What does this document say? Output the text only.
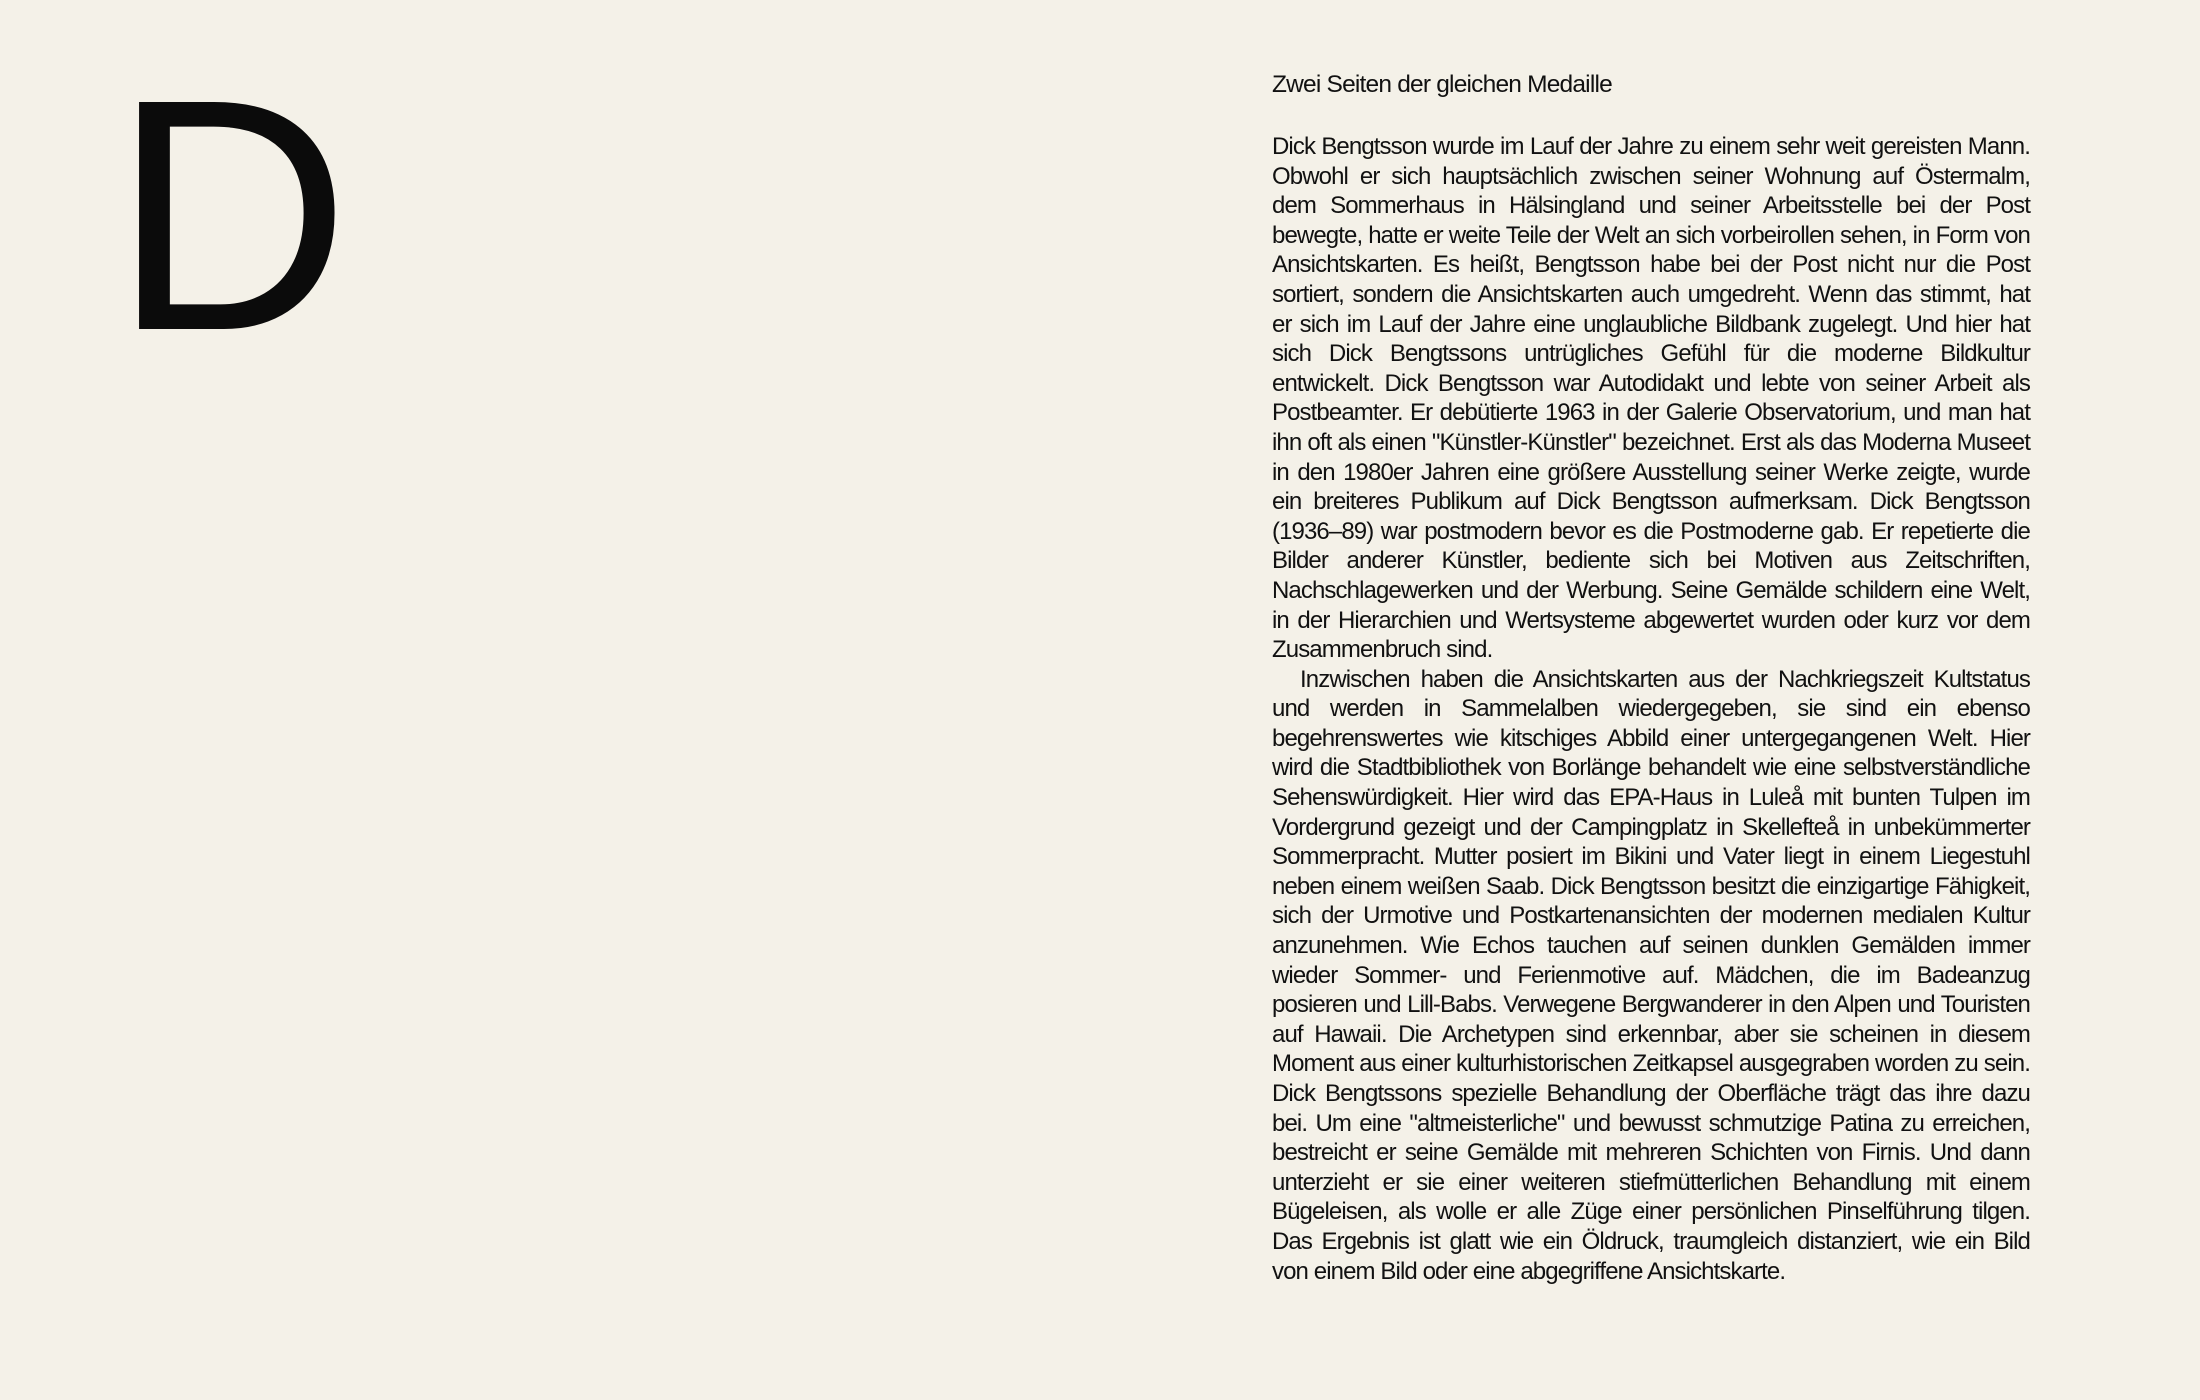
D	Zwei Seiten der gleichen Medaille

Dick Bengtsson wurde im Lauf der Jahre zu einem sehr weit gereisten Mann. Obwohl er sich hauptsächlich zwischen seiner Wohnung auf Östermalm, dem Sommerhaus in Hälsingland und seiner Arbeitsstelle bei der Post bewegte, hatte er weite Teile der Welt an sich vorbeirollen sehen, in Form von Ansichtskarten. Es heißt, Bengtsson habe bei der Post nicht nur die Post sortiert, sondern die Ansichtskarten auch umgedreht. Wenn das stimmt, hat er sich im Lauf der Jahre eine unglaubliche Bildbank zugelegt. Und hier hat sich Dick Bengtssons untrügliches Gefühl für die moderne Bildkultur entwickelt. Dick Bengtsson war Autodidakt und lebte von seiner Arbeit als Postbeamter. Er debütierte 1963 in der Galerie Observatorium, und man hat ihn oft als einen "Künstler-Künstler" bezeichnet. Erst als das Moderna Museet in den 1980er Jahren eine größere Ausstellung seiner Werke zeigte, wurde ein breiteres Publikum auf Dick Bengtsson aufmerksam. Dick Bengtsson (1936–89) war postmodern bevor es die Postmoderne gab. Er repetierte die Bilder anderer Künstler, bediente sich bei Motiven aus Zeitschriften, Nachschlagewerken und der Werbung. Seine Gemälde schildern eine Welt, in der Hierarchien und Wertsysteme abgewertet wurden oder kurz vor dem Zusammenbruch sind.

Inzwischen haben die Ansichtskarten aus der Nachkriegszeit Kultstatus und werden in Sammelalben wiedergegeben, sie sind ein ebenso begehrenswertes wie kitschiges Abbild einer untergegangenen Welt. Hier wird die Stadtbibliothek von Borlänge behandelt wie eine selbstverständliche Sehenswürdigkeit. Hier wird das EPA-Haus in Luleå mit bunten Tulpen im Vordergrund gezeigt und der Campingplatz in Skellefteå in unbekümmerter Sommerpracht. Mutter posiert im Bikini und Vater liegt in einem Liegestuhl neben einem weißen Saab. Dick Bengtsson besitzt die einzigartige Fähigkeit, sich der Urmotive und Postkartenansichten der modernen medialen Kultur anzunehmen. Wie Echos tauchen auf seinen dunklen Gemälden immer wieder Sommer- und Ferienmotive auf. Mädchen, die im Badeanzug posieren und Lill-Babs. Verwegene Bergwanderer in den Alpen und Touristen auf Hawaii. Die Archetypen sind erkennbar, aber sie scheinen in diesem Moment aus einer kulturhistorischen Zeitkapsel ausgegraben worden zu sein. Dick Bengtssons spezielle Behandlung der Oberfläche trägt das ihre dazu bei. Um eine "altmeisterliche" und bewusst schmutzige Patina zu erreichen, bestreicht er seine Gemälde mit mehreren Schichten von Firnis. Und dann unterzieht er sie einer weiteren stiefmütterlichen Behandlung mit einem Bügeleisen, als wolle er alle Züge einer persönlichen Pinselführung tilgen. Das Ergebnis ist glatt wie ein Öldruck, traumgleich distanziert, wie ein Bild von einem Bild oder eine abgegriffene Ansichtskarte.
